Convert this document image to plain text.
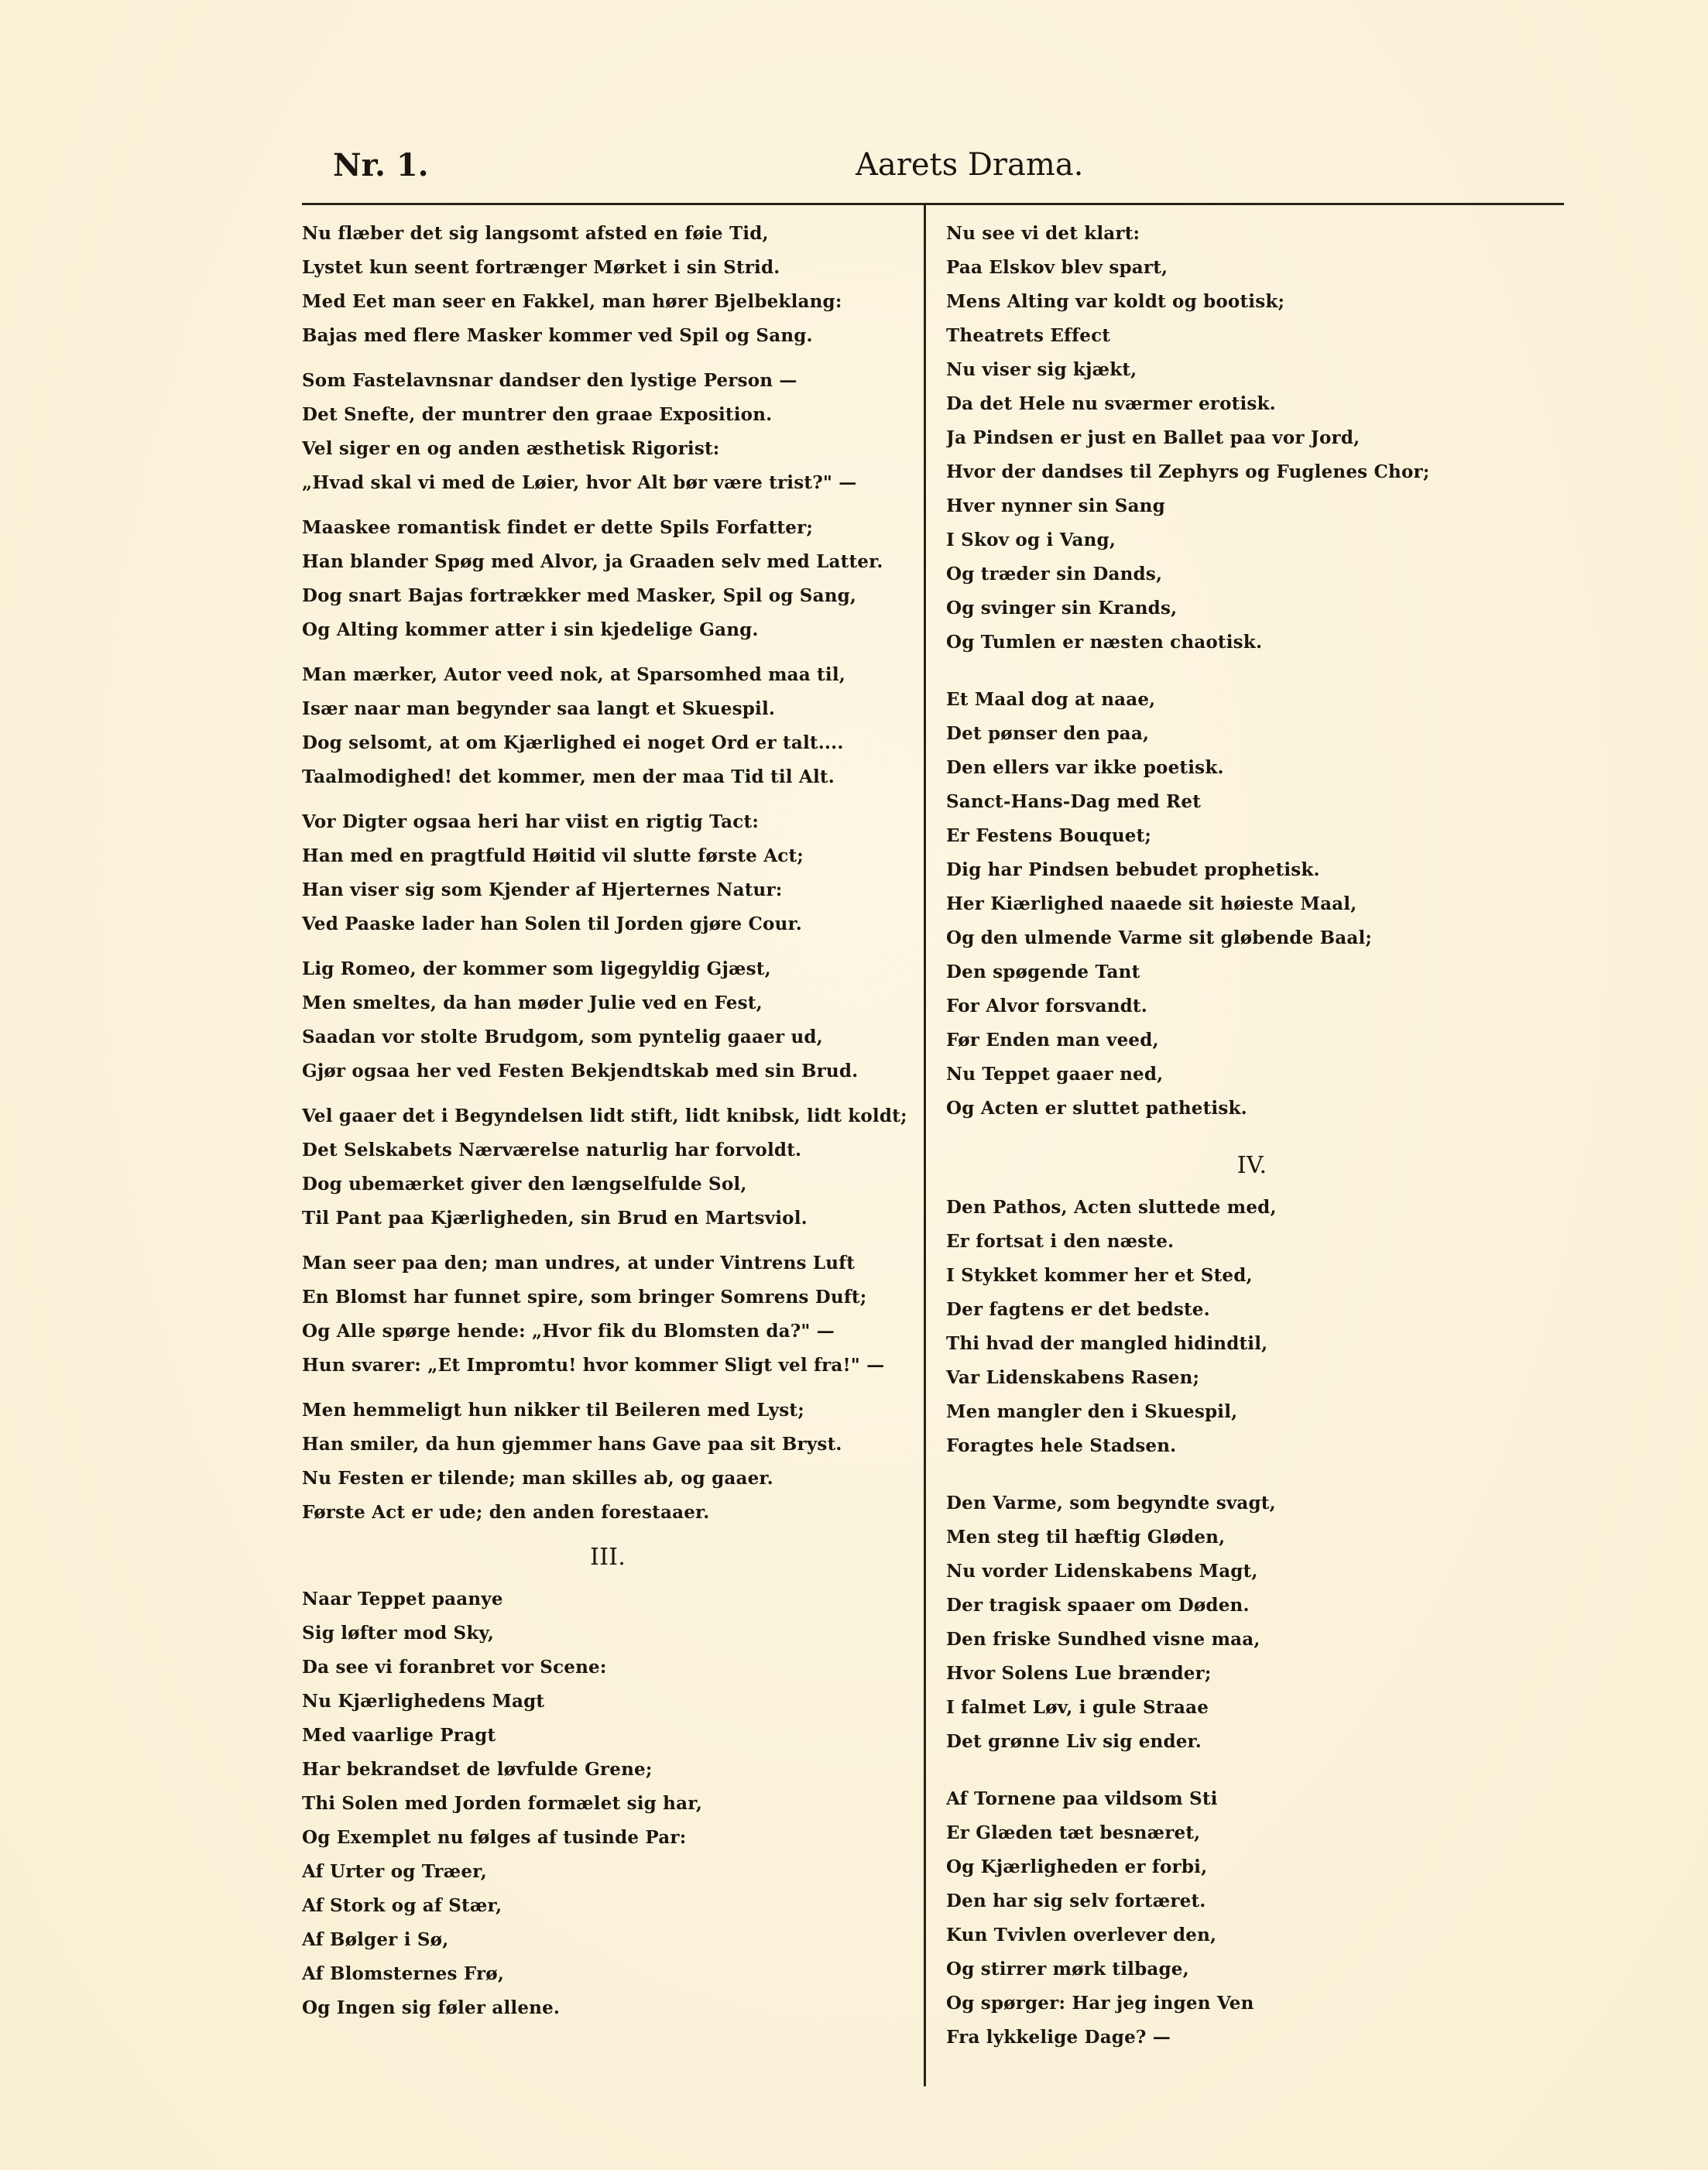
Nr. 1.	Aarets Drama.
Nu flæber det sig langsomt afsted en føie Tid,
Lystet kun seent fortrænger Mørket i sin Strid.
Med Eet man seer en Fakkel, man hører Bjelbeklang:
Bajas med flere Masker kommer ved Spil og Sang.
Som Fastelavnsnar dandser den lystige Person —
Det Snefte, der muntrer den graae Exposition.
Vel siger en og anden æsthetisk Rigorist:
„Hvad skal vi med de Løier, hvor Alt bør være trist?" —
Maaskee romantisk findet er dette Spils Forfatter;
Han blander Spøg med Alvor, ja Graaden selv med Latter.
Dog snart Bajas fortrækker med Masker, Spil og Sang,
Og Alting kommer atter i sin kjedelige Gang.
Man mærker, Autor veed nok, at Sparsomhed maa til,
Især naar man begynder saa langt et Skuespil.
Dog selsomt, at om Kjærlighed ei noget Ord er talt....
Taalmodighed! det kommer, men der maa Tid til Alt.
Vor Digter ogsaa heri har viist en rigtig Tact:
Han med en pragtfuld Høitid vil slutte første Act;
Han viser sig som Kjender af Hjerternes Natur:
Ved Paaske lader han Solen til Jorden gjøre Cour.
Lig Romeo, der kommer som ligegyldig Gjæst,
Men smeltes, da han møder Julie ved en Fest,
Saadan vor stolte Brudgom, som pyntelig gaaer ud,
Gjør ogsaa her ved Festen Bekjendtskab med sin Brud.
Vel gaaer det i Begyndelsen lidt stift, lidt knibsk, lidt koldt;
Det Selskabets Nærværelse naturlig har forvoldt.
Dog ubemærket giver den længselfulde Sol,
Til Pant paa Kjærligheden, sin Brud en Martsviol.
Man seer paa den; man undres, at under Vintrens Luft
En Blomst har funnet spire, som bringer Somrens Duft;
Og Alle spørge hende: „Hvor fik du Blomsten da?" —
Hun svarer: „Et Impromtu! hvor kommer Sligt vel fra!" —
Men hemmeligt hun nikker til Beileren med Lyst;
Han smiler, da hun gjemmer hans Gave paa sit Bryst.
Nu Festen er tilende; man skilles ab, og gaaer.
Første Act er ude; den anden forestaaer.
III.
Naar Teppet paanye
Sig løfter mod Sky,
Da see vi foranbret vor Scene:
Nu Kjærlighedens Magt
Med vaarlige Pragt
Har bekrandset de løvfulde Grene;
Thi Solen med Jorden formælet sig har,
Og Exemplet nu følges af tusinde Par:
Af Urter og Træer,
Af Stork og af Stær,
Af Bølger i Sø,
Af Blomsternes Frø,
Og Ingen sig føler allene.
Nu see vi det klart:
Paa Elskov blev spart,
Mens Alting var koldt og bootisk;
Theatrets Effect
Nu viser sig kjækt,
Da det Hele nu sværmer erotisk.
Ja Pindsen er just en Ballet paa vor Jord,
Hvor der dandses til Zephyrs og Fuglenes Chor;
Hver nynner sin Sang
I Skov og i Vang,
Og træder sin Dands,
Og svinger sin Krands,
Og Tumlen er næsten chaotisk.
Et Maal dog at naae,
Det pønser den paa,
Den ellers var ikke poetisk.
Sanct-Hans-Dag med Ret
Er Festens Bouquet;
Dig har Pindsen bebudet prophetisk.
Her Kiærlighed naaede sit høieste Maal,
Og den ulmende Varme sit gløbende Baal;
Den spøgende Tant
For Alvor forsvandt.
Før Enden man veed,
Nu Teppet gaaer ned,
Og Acten er sluttet pathetisk.
IV.
Den Pathos, Acten sluttede med,
Er fortsat i den næste.
I Stykket kommer her et Sted,
Der fagtens er det bedste.
Thi hvad der mangled hidindtil,
Var Lidenskabens Rasen;
Men mangler den i Skuespil,
Foragtes hele Stadsen.
Den Varme, som begyndte svagt,
Men steg til hæftig Gløden,
Nu vorder Lidenskabens Magt,
Der tragisk spaaer om Døden.
Den friske Sundhed visne maa,
Hvor Solens Lue brænder;
I falmet Løv, i gule Straae
Det grønne Liv sig ender.
Af Tornene paa vildsom Sti
Er Glæden tæt besnæret,
Og Kjærligheden er forbi,
Den har sig selv fortæret.
Kun Tvivlen overlever den,
Og stirrer mørk tilbage,
Og spørger: Har jeg ingen Ven
Fra lykkelige Dage? —
